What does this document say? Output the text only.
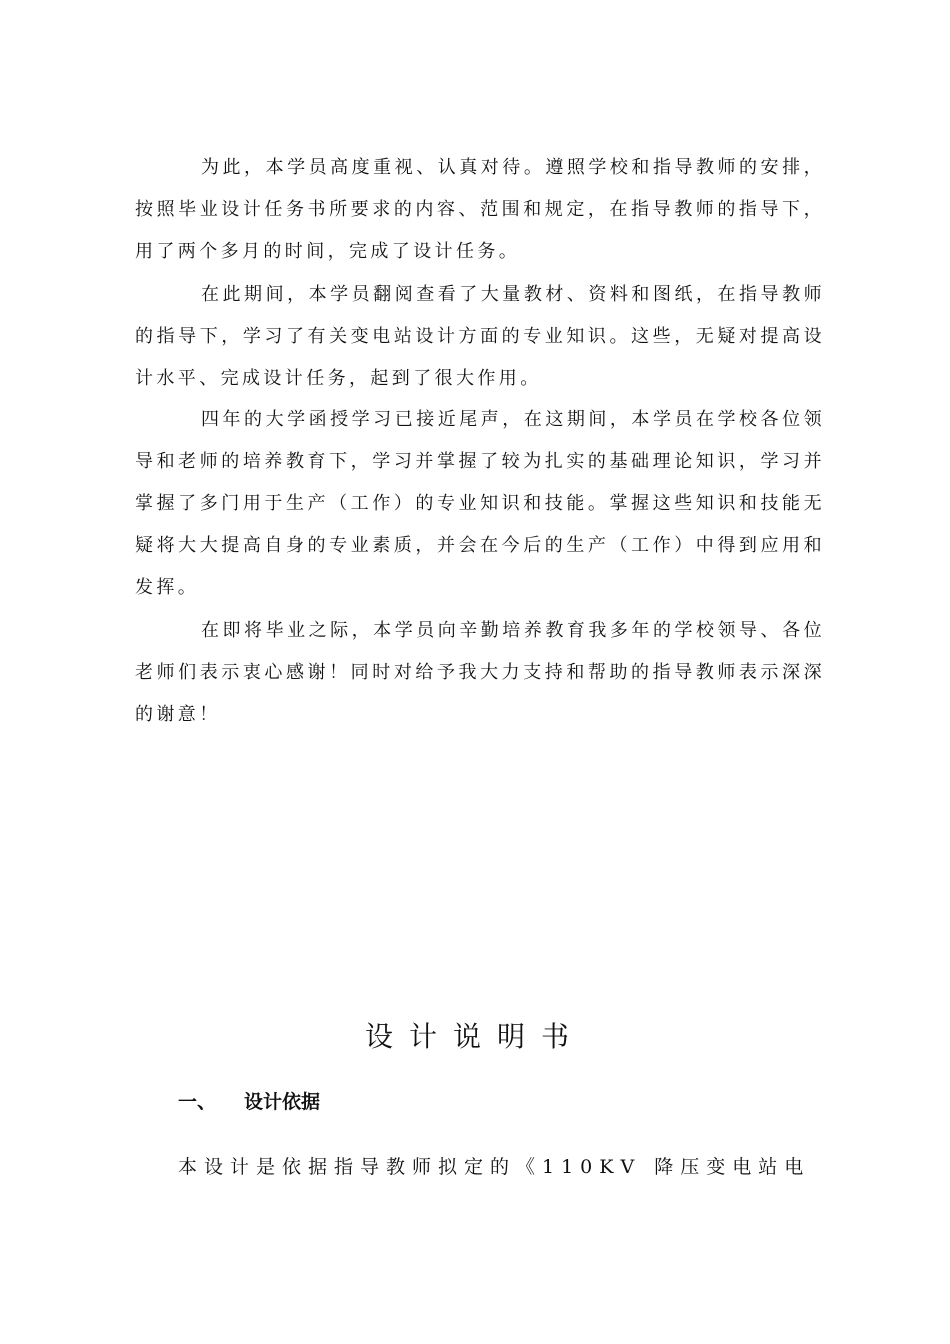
为此，本学员高度重视、认真对待。遵照学校和指导教师的安排，按照毕业设计任务书所要求的内容、范围和规定，在指导教师的指导下，用了两个多月的时间，完成了设计任务。

在此期间，本学员翻阅查看了大量教材、资料和图纸，在指导教师的指导下，学习了有关变电站设计方面的专业知识。这些，无疑对提高设计水平、完成设计任务，起到了很大作用。

四年的大学函授学习已接近尾声，在这期间，本学员在学校各位领导和老师的培养教育下，学习并掌握了较为扎实的基础理论知识，学习并掌握了多门用于生产（工作）的专业知识和技能。掌握这些知识和技能无疑将大大提高自身的专业素质，并会在今后的生产（工作）中得到应用和发挥。

在即将毕业之际，本学员向辛勤培养教育我多年的学校领导、各位老师们表示衷心感谢！同时对给予我大力支持和帮助的指导教师表示深深的谢意！

设计说明书
一、 设计依据

本设计是依据指导教师拟定的《110KV 降压变电站电
